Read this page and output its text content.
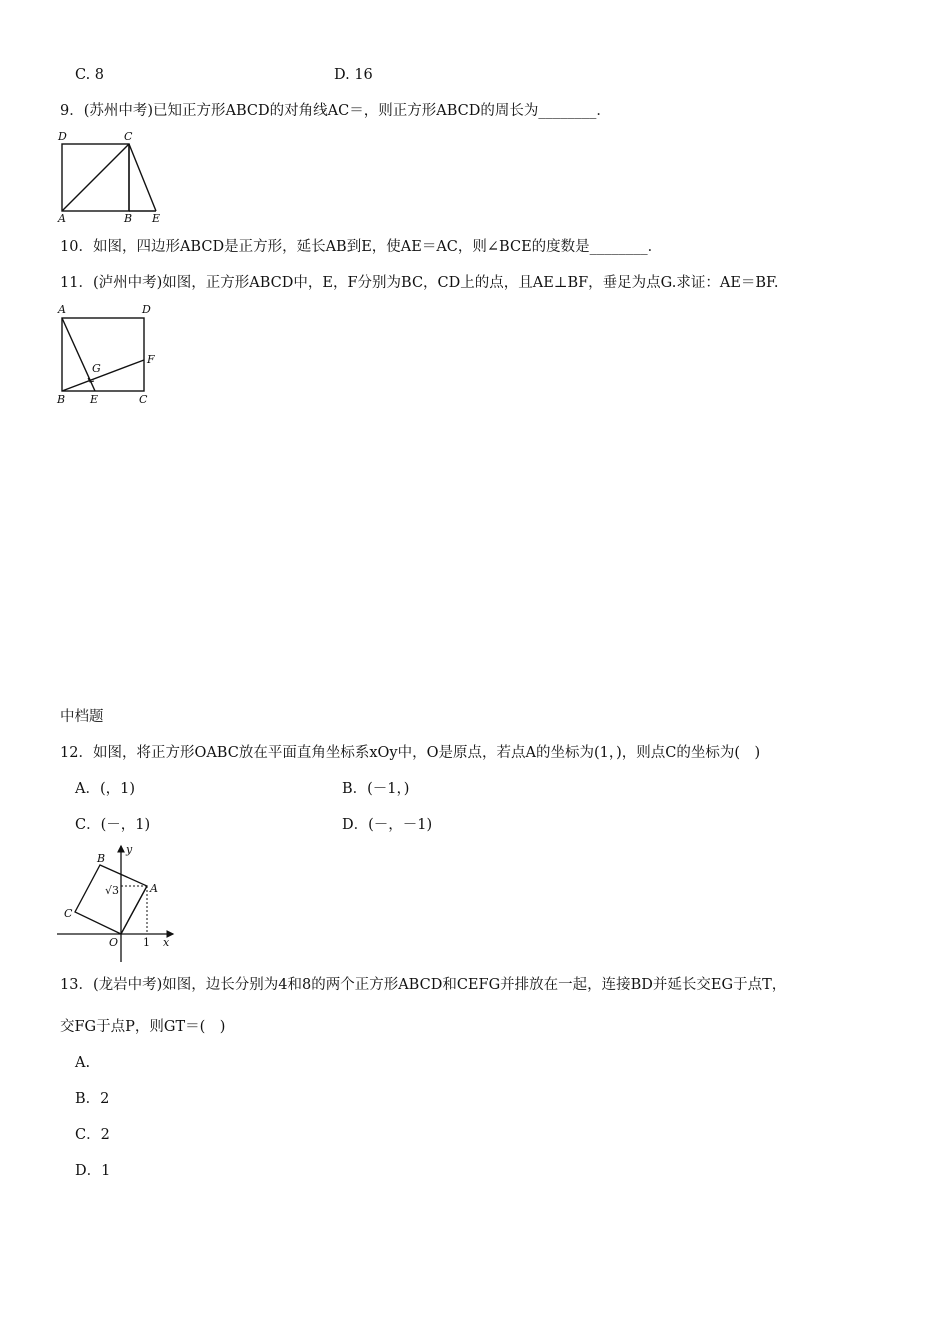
C. 8	D. 16
9．(苏州中考)已知正方形ABCD的对角线AC＝，则正方形ABCD的周长为________．
D	C
A	B E
10．如图，四边形ABCD是正方形，延长AB到E，使AE＝AC，则∠BCE的度数是________．
11．(泸州中考)如图，正方形ABCD中，E，F分别为BC，CD上的点，且AE⊥BF，垂足为点G.求证：AE＝BF.
A	D
G
F
B E	C
中档题
12．如图，将正方形OABC放在平面直角坐标系xOy中，O是原点，若点A的坐标为(1，)，则点C的坐标为(　)
A．(，1)	B．(－1，)
C．(－，1)	D．(－，－1)
B
y
√3	A
C
O 1 x
13．(龙岩中考)如图，边长分别为4和8的两个正方形ABCD和CEFG并排放在一起，连接BD并延长交EG于点T，
交FG于点P，则GT＝(　)
A.
B．2
C．2
D．1
